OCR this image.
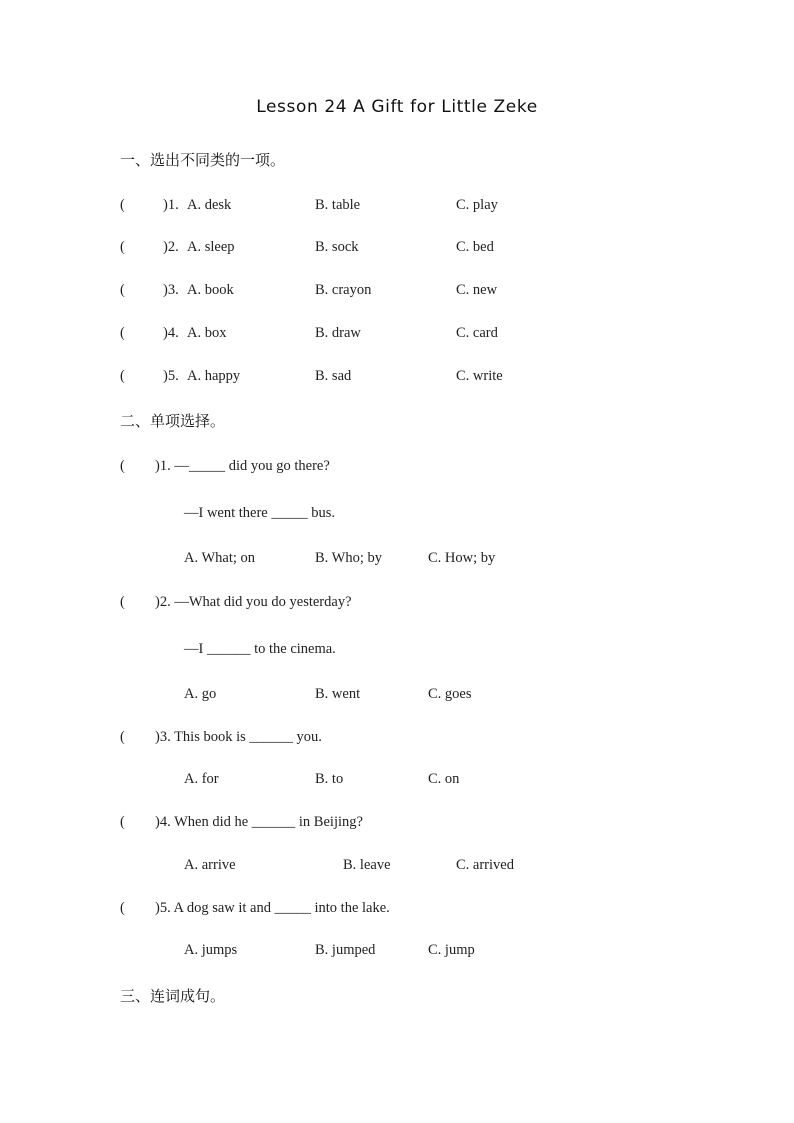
Lesson 24 A Gift for Little Zeke
一、选出不同类的一项。
(	)1. A. desk	B. table	C. play
(	)2. A. sleep	B. sock	C. bed
(	)3. A. book	B. crayon	C. new
(	)4. A. box	B. draw	C. card
(	)5. A. happy	B. sad	C. write
二、单项选择。
( )1. —_____ did you go there?
—I went there _____ bus.
A. What; on	B. Who; by	C. How; by
( )2. —What did you do yesterday?
—I ______ to the cinema.
A. go	B. went	C. goes
( )3. This book is ______ you.
A. for	B. to	C. on
( )4. When did he ______ in Beijing?
A. arrive	B. leave	C. arrived
( )5. A dog saw it and _____ into the lake.
A. jumps	B. jumped	C. jump
三、连词成句。
